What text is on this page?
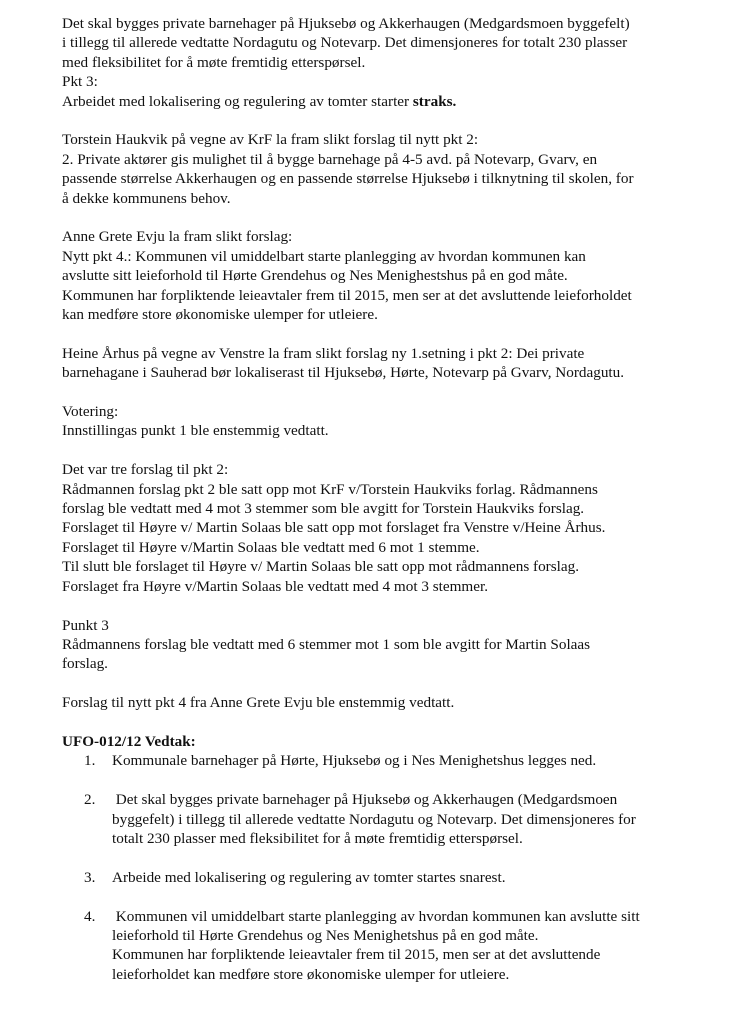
Det skal bygges private barnehager på Hjuksebø og Akkerhaugen (Medgardsmoen byggefelt)

i tillegg til allerede vedtatte Nordagutu og Notevarp. Det dimensjoneres for totalt 230 plasser

med fleksibilitet for å møte fremtidig etterspørsel.

Pkt 3:

Arbeidet med lokalisering og regulering av tomter starter straks.

Torstein Haukvik på vegne av KrF la fram slikt forslag til nytt pkt 2:

2. Private aktører gis mulighet til å bygge barnehage på 4-5 avd. på Notevarp, Gvarv, en

passende størrelse Akkerhaugen og en passende størrelse Hjuksebø i tilknytning til skolen, for

å dekke kommunens behov.

Anne Grete Evju la fram slikt forslag:

Nytt pkt 4.: Kommunen vil umiddelbart starte planlegging av hvordan kommunen kan

avslutte sitt leieforhold til Hørte Grendehus og Nes Menighestshus på en god måte.

Kommunen har forpliktende leieavtaler frem til 2015, men ser at det avsluttende leieforholdet

kan medføre store økonomiske ulemper for utleiere.

Heine Århus på vegne av Venstre la fram slikt forslag ny 1.setning i pkt 2: Dei private

barnehagane i Sauherad bør lokaliserast til Hjuksebø, Hørte, Notevarp på Gvarv, Nordagutu.

Votering:

Innstillingas punkt 1 ble enstemmig vedtatt.

Det var tre forslag til pkt 2:

Rådmannen forslag pkt 2 ble satt opp mot KrF v/Torstein Haukviks forlag. Rådmannens

forslag ble vedtatt med 4 mot 3 stemmer som ble avgitt for Torstein Haukviks forslag.

Forslaget til Høyre v/ Martin Solaas ble satt opp mot forslaget fra Venstre v/Heine Århus.

Forslaget til Høyre v/Martin Solaas ble vedtatt med 6 mot 1 stemme.

Til slutt ble forslaget til Høyre v/ Martin Solaas ble satt opp mot rådmannens forslag.

Forslaget fra Høyre v/Martin Solaas ble vedtatt med 4 mot 3 stemmer.

Punkt 3

Rådmannens forslag ble vedtatt med 6 stemmer mot 1 som ble avgitt for Martin Solaas

forslag.

Forslag til nytt pkt 4 fra Anne Grete Evju ble enstemmig vedtatt.

UFO-012/12 Vedtak:

1. Kommunale barnehager på Hørte, Hjuksebø og i Nes Menighetshus legges ned.
2. Det skal bygges private barnehager på Hjuksebø og Akkerhaugen (Medgardsmoen
byggefelt) i tillegg til allerede vedtatte Nordagutu og Notevarp. Det dimensjoneres for
totalt 230 plasser med fleksibilitet for å møte fremtidig etterspørsel.
3. Arbeide med lokalisering og regulering av tomter startes snarest.
4. Kommunen vil umiddelbart starte planlegging av hvordan kommunen kan avslutte sitt
leieforhold til Hørte Grendehus og Nes Menighetshus på en god måte.
Kommunen har forpliktende leieavtaler frem til 2015, men ser at det avsluttende
leieforholdet kan medføre store økonomiske ulemper for utleiere.
